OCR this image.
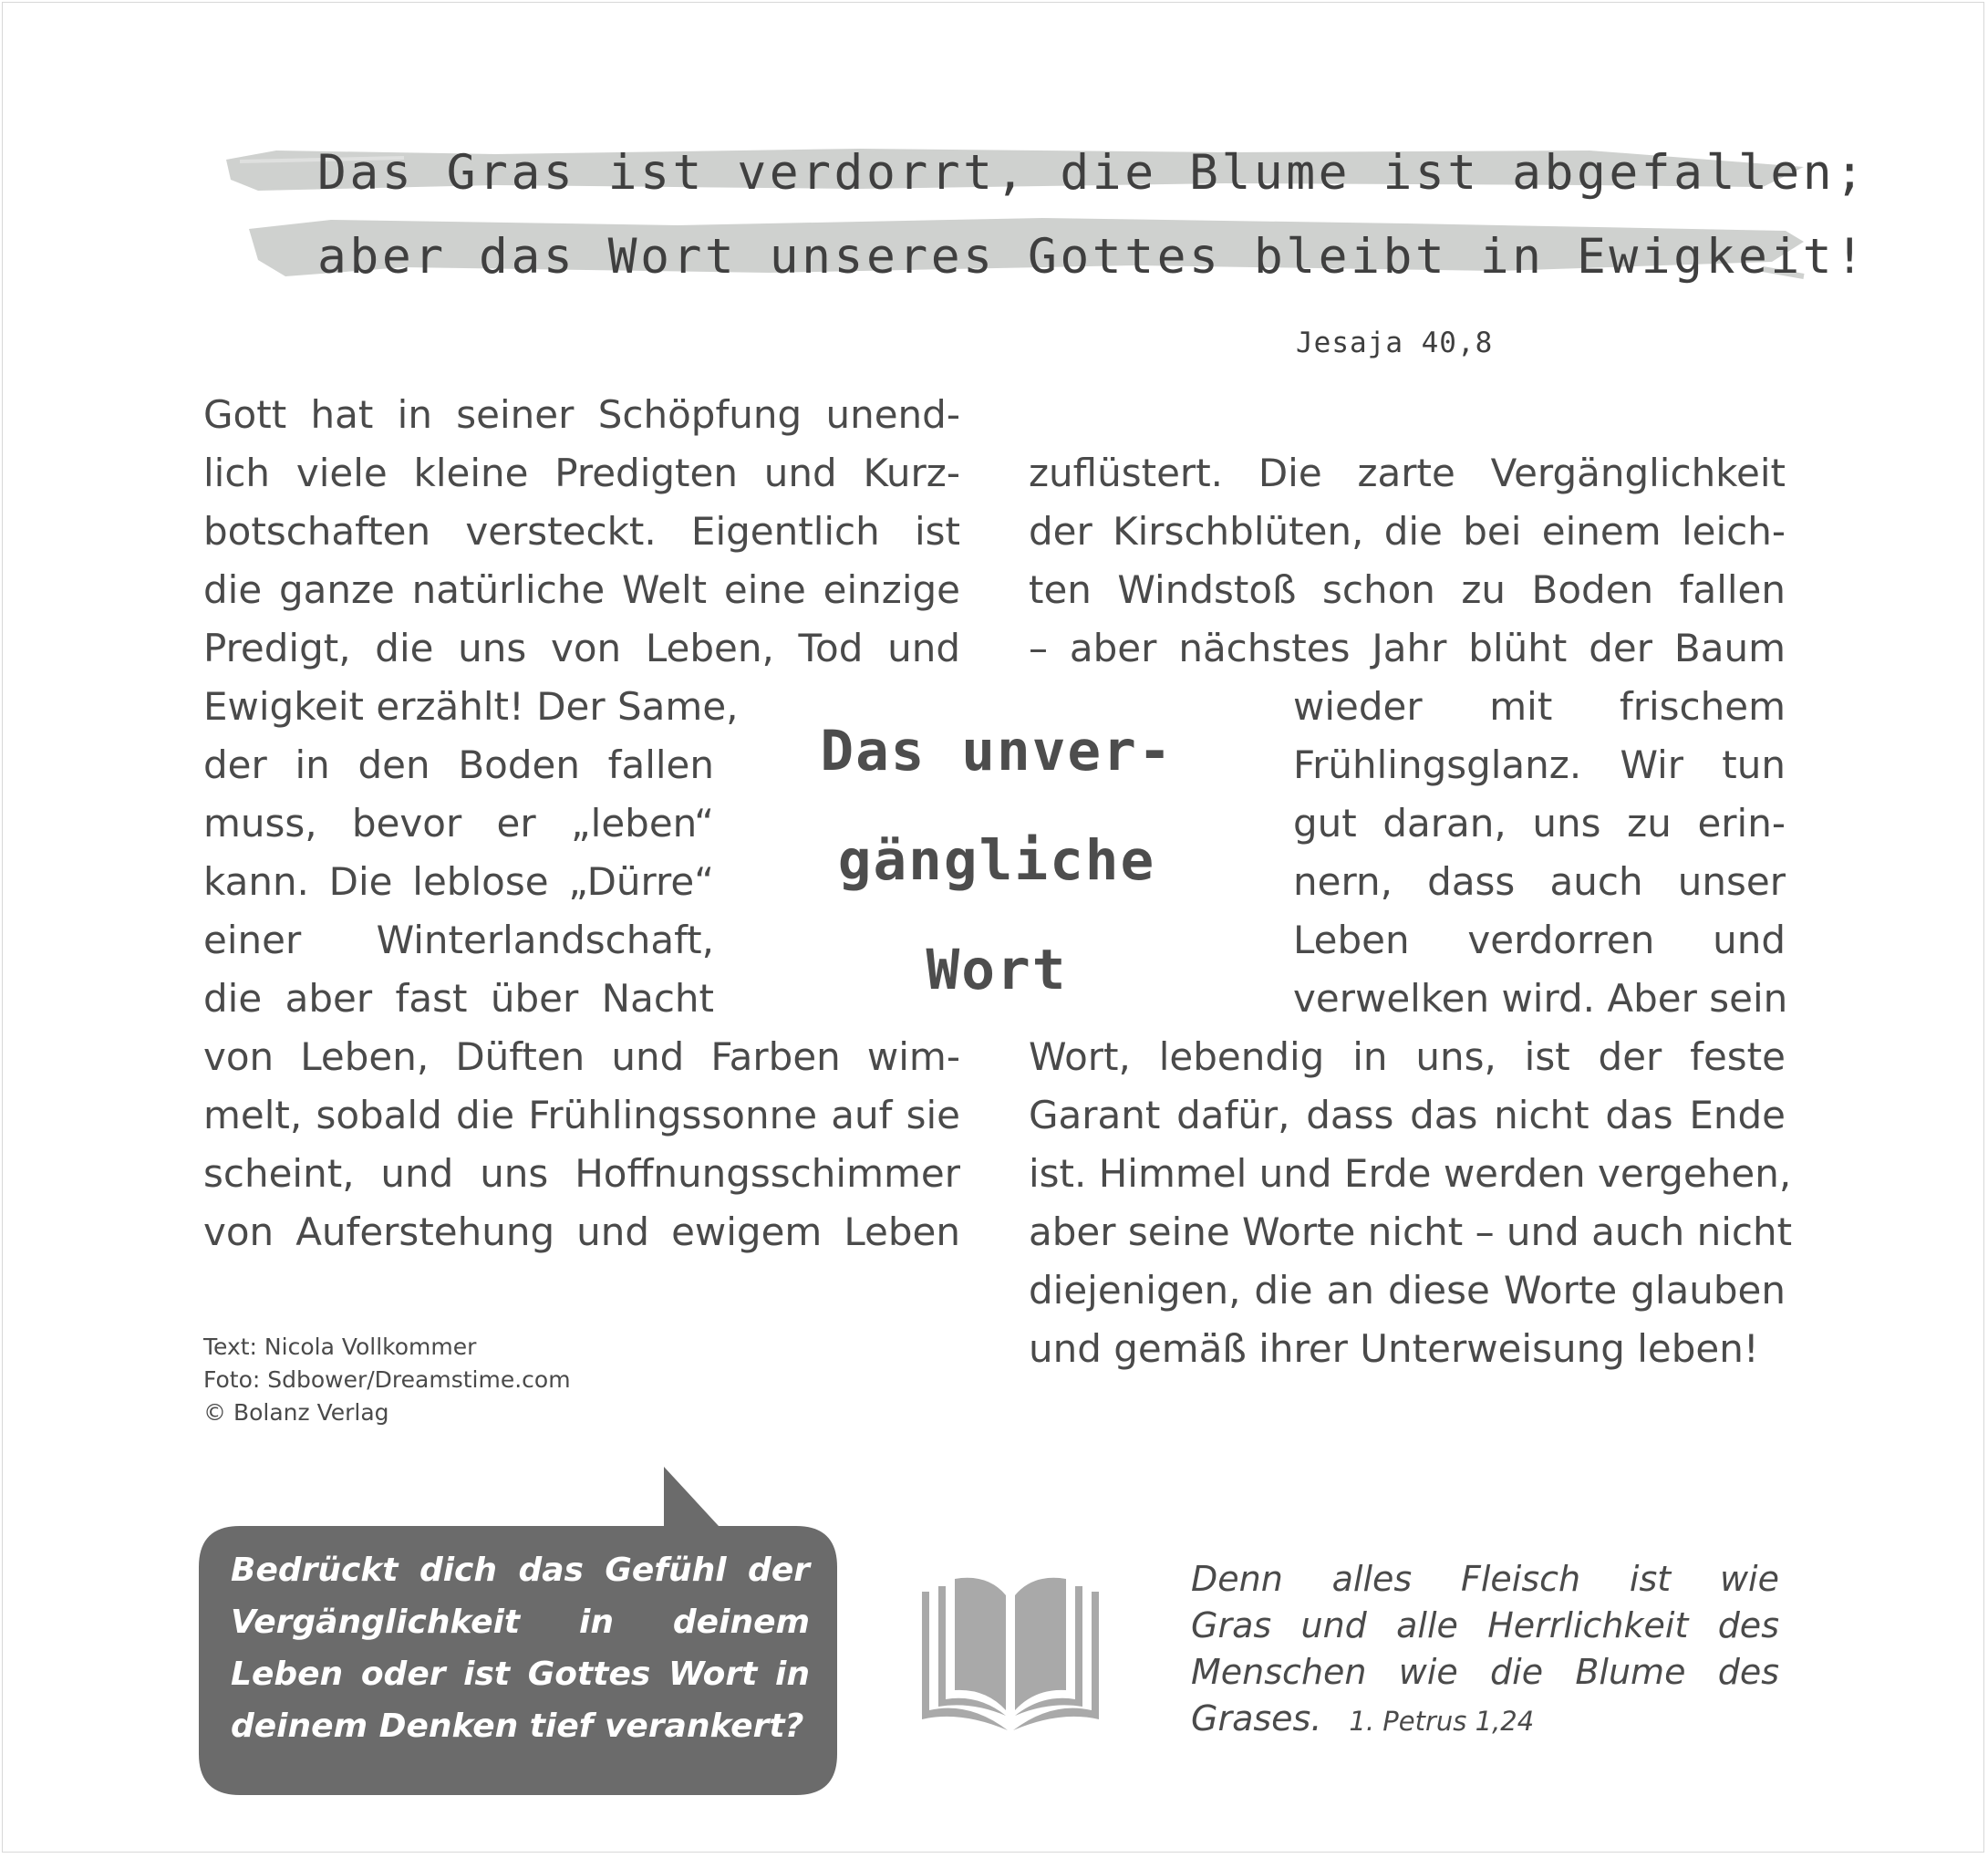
Das Gras ist verdorrt, die Blume ist abgefallen;
aber das Wort unseres Gottes bleibt in Ewigkeit!
Jesaja 40,8
Gott hat in seiner Schöpfung unend-
lich viele kleine Predigten und Kurz-
botschaften versteckt. Eigentlich ist
die ganze natürliche Welt eine einzige
Predigt, die uns von Leben, Tod und
Ewigkeit erzählt! Der Same,
der in den Boden fallen
muss, bevor er „leben“
kann. Die leblose „Dürre“
einer Winterlandschaft,
die aber fast über Nacht
von Leben, Düften und Farben wim-
melt, sobald die Frühlingssonne auf sie
scheint, und uns Hoffnungsschimmer
von Auferstehung und ewigem Leben
zuflüstert. Die zarte Vergänglichkeit
der Kirschblüten, die bei einem leich-
ten Windstoß schon zu Boden fallen
– aber nächstes Jahr blüht der Baum
wieder mit frischem
Frühlingsglanz. Wir tun
gut daran, uns zu erin-
nern, dass auch unser
Leben verdorren und
verwelken wird. Aber sein
Wort, lebendig in uns, ist der feste
Garant dafür, dass das nicht das Ende
ist. Himmel und Erde werden vergehen,
aber seine Worte nicht – und auch nicht
diejenigen, die an diese Worte glauben
und gemäß ihrer Unterweisung leben!
Das unver-
gängliche
Wort
Text: Nicola Vollkommer
Foto: Sdbower/Dreamstime.com
© Bolanz Verlag
Bedrückt dich das Gefühl der
Vergänglichkeit in deinem
Leben oder ist Gottes Wort in
deinem Denken tief verankert?
Denn alles Fleisch ist wie
Gras und alle Herrlichkeit des
Menschen wie die Blume des
Grases. 1. Petrus 1,24
